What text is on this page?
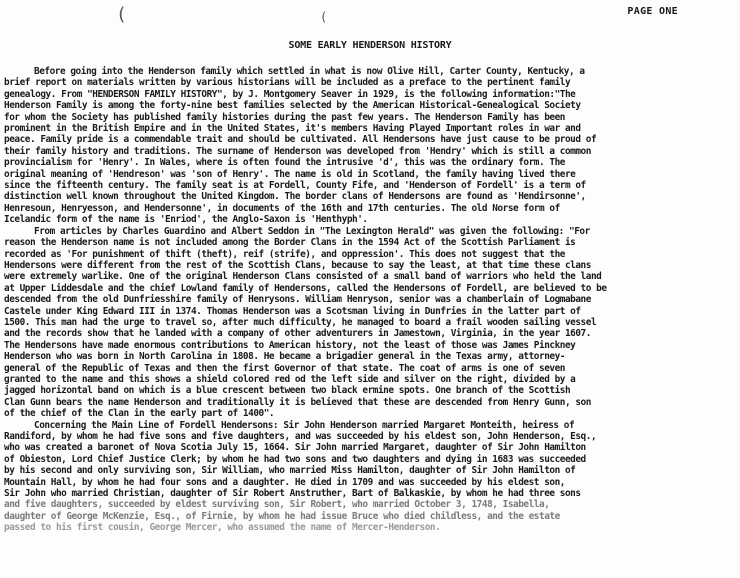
(	(	PAGE ONE
SOME EARLY HENDERSON HISTORY
Before going into the Henderson family which settled in what is now Olive Hill, Carter County, Kentucky, a
brief report on materials written by various historians will be included as a preface to the pertinent family
genealogy. From "HENDERSON FAMILY HISTORY", by J. Montgomery Seaver in 1929, is the following information:"The
Henderson Family is among the forty-nine best families selected by the American Historical-Genealogical Society
for whom the Society has published family histories during the past few years. The Henderson Family has been
prominent in the British Empire and in the United States, it's members Having Played Important roles in war and
peace. Family pride is a commendable trait and should be cultivated. All Hendersons have just cause to be proud of
their family history and traditions. The surname of Henderson was developed from 'Hendry' which is still a common
provincialism for 'Henry'. In Wales, where is often found the intrusive 'd', this was the ordinary form. The
original meaning of 'Hendreson' was 'son of Henry'. The name is old in Scotland, the family having lived there
since the fifteenth century. The family seat is at Fordell, County Fife, and 'Henderson of Fordell' is a term of
distinction well known throughout the United Kingdom. The border clans of Hendersons are found as 'Hendirsonne',
Henresoun, Henryesson, and Hendersonne', in documents of the 16th and 17th centuries. The old Norse form of
Icelandic form of the name is 'Enriod', the Anglo-Saxon is 'Henthyph'.
From articles by Charles Guardino and Albert Seddon in "The Lexington Herald" was given the following: "For
reason the Henderson name is not included among the Border Clans in the 1594 Act of the Scottish Parliament is
recorded as 'For punishment of thift (theft), reif (strife), and oppression'. This does not suggest that the
Hendersons were different from the rest of the Scottish Clans, because to say the least, at that time these clans
were extremely warlike. One of the original Henderson Clans consisted of a small band of warriors who held the land
at Upper Liddesdale and the chief Lowland family of Hendersons, called the Hendersons of Fordell, are believed to be
descended from the old Dunfriesshire family of Henrysons. William Henryson, senior was a chamberlain of Logmabane
Castele under King Edward III in 1374. Thomas Henderson was a Scotsman living in Dunfries in the latter part of
1500. This man had the urge to travel so, after much difficulty, he managed to board a frail wooden sailing vessel
and the records show that he landed with a company of other adventurers in Jamestown, Virginia, in the year 1607.
The Hendersons have made enormous contributions to American history, not the least of those was James Pinckney
Henderson who was born in North Carolina in 1808. He became a brigadier general in the Texas army, attorney-
general of the Republic of Texas and then the first Governor of that state. The coat of arms is one of seven
granted to the name and this shows a shield colored red od the left side and silver on the right, divided by a
jagged horizontal band on which is a blue crescent between two black ermine spots. One branch of the Scottish
Clan Gunn bears the name Henderson and traditionally it is believed that these are descended from Henry Gunn, son
of the chief of the Clan in the early part of 1400".
Concerning the Main Line of Fordell Hendersons: Sir John Henderson married Margaret Monteith, heiress of
Randiford, by whom he had five sons and five daughters, and was succeeded by his eldest son, John Henderson, Esq.,
who was created a baronet of Nova Scotia July 15, 1664. Sir John married Margaret, daughter of Sir John Hamilton
of Obieston, Lord Chief Justice Clerk; by whom he had two sons and two daughters and dying in 1683 was succeeded
by his second and only surviving son, Sir William, who married Miss Hamilton, daughter of Sir John Hamilton of
Mountain Hall, by whom he had four sons and a daughter. He died in 1709 and was succeeded by his eldest son,
Sir John who married Christian, daughter of Sir Robert Anstruther, Bart of Balkaskie, by whom he had three sons
and five daughters, succeeded by eldest surviving son, Sir Robert, who married October 3, 1748, Isabella,
daughter of George McKenzie, Esq., of Firnie, by whom he had issue Bruce who died childless, and the estate
passed to his first cousin, George Mercer, who assumed the name of Mercer-Henderson.
